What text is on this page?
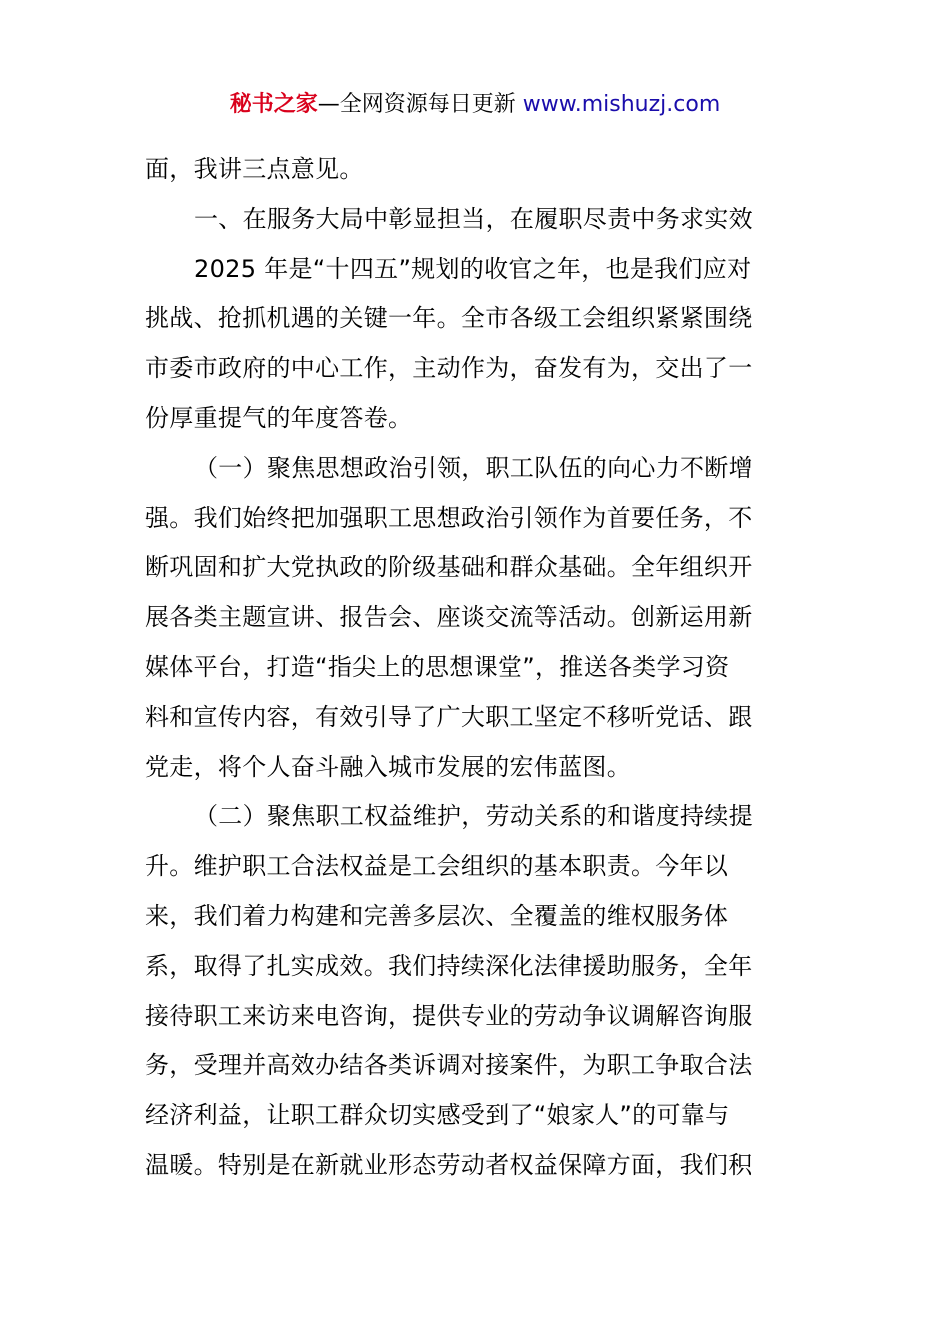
秘书之家—全网资源每日更新 www.mishuzj.com
面，我讲三点意见。
一、在服务大局中彰显担当，在履职尽责中务求实效
2025 年是“十四五”规划的收官之年，也是我们应对
挑战、抢抓机遇的关键一年。全市各级工会组织紧紧围绕
市委市政府的中心工作，主动作为，奋发有为，交出了一
份厚重提气的年度答卷。
（一）聚焦思想政治引领，职工队伍的向心力不断增
强。我们始终把加强职工思想政治引领作为首要任务，不
断巩固和扩大党执政的阶级基础和群众基础。全年组织开
展各类主题宣讲、报告会、座谈交流等活动。创新运用新
媒体平台，打造“指尖上的思想课堂”，推送各类学习资
料和宣传内容，有效引导了广大职工坚定不移听党话、跟
党走，将个人奋斗融入城市发展的宏伟蓝图。
（二）聚焦职工权益维护，劳动关系的和谐度持续提
升。维护职工合法权益是工会组织的基本职责。今年以
来，我们着力构建和完善多层次、全覆盖的维权服务体
系，取得了扎实成效。我们持续深化法律援助服务，全年
接待职工来访来电咨询，提供专业的劳动争议调解咨询服
务，受理并高效办结各类诉调对接案件，为职工争取合法
经济利益，让职工群众切实感受到了“娘家人”的可靠与
温暖。特别是在新就业形态劳动者权益保障方面，我们积
